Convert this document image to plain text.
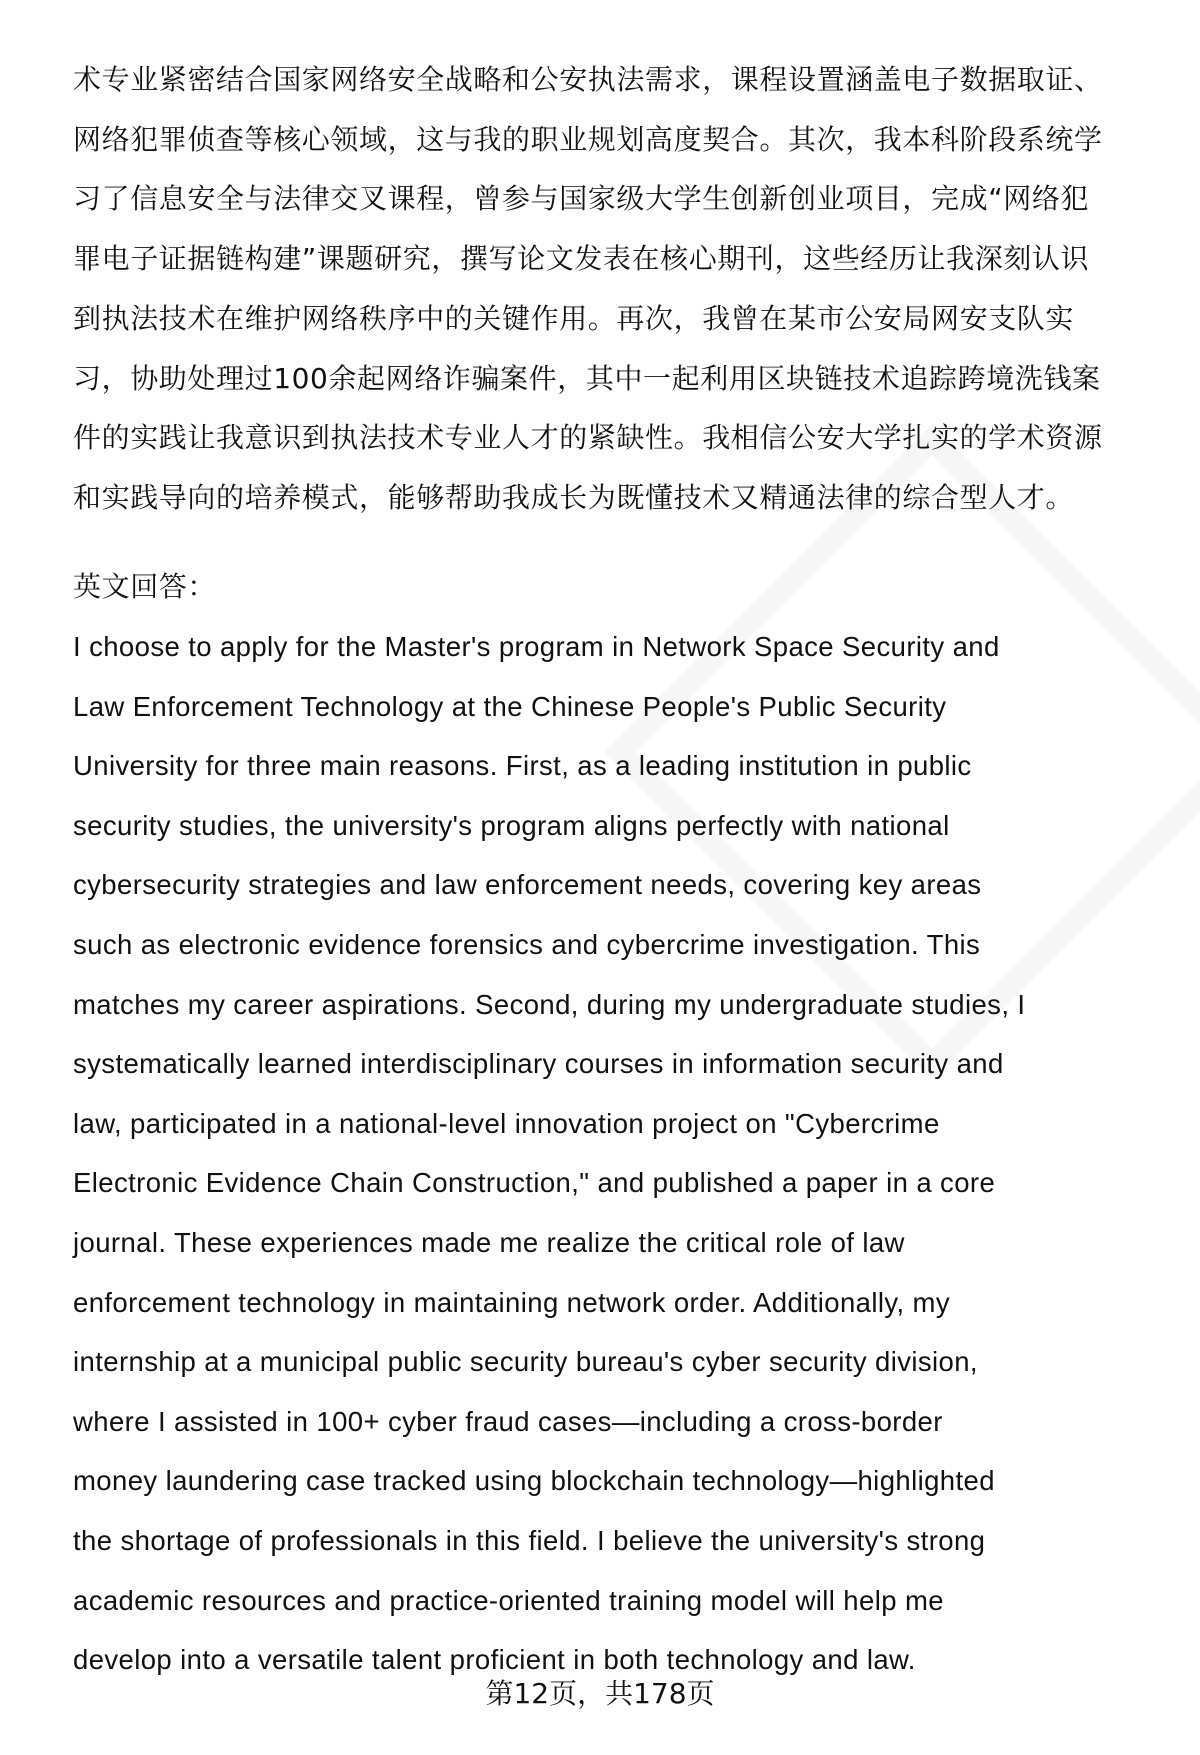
术专业紧密结合国家网络安全战略和公安执法需求，课程设置涵盖电子数据取证、
网络犯罪侦查等核心领域，这与我的职业规划高度契合。其次，我本科阶段系统学
习了信息安全与法律交叉课程，曾参与国家级大学生创新创业项目，完成“网络犯
罪电子证据链构建”课题研究，撰写论文发表在核心期刊，这些经历让我深刻认识
到执法技术在维护网络秩序中的关键作用。再次，我曾在某市公安局网安支队实
习，协助处理过100余起网络诈骗案件，其中一起利用区块链技术追踪跨境洗钱案
件的实践让我意识到执法技术专业人才的紧缺性。我相信公安大学扎实的学术资源
和实践导向的培养模式，能够帮助我成长为既懂技术又精通法律的综合型人才。
英文回答：
I choose to apply for the Master's program in Network Space Security and
Law Enforcement Technology at the Chinese People's Public Security
University for three main reasons. First, as a leading institution in public
security studies, the university's program aligns perfectly with national
cybersecurity strategies and law enforcement needs, covering key areas
such as electronic evidence forensics and cybercrime investigation. This
matches my career aspirations. Second, during my undergraduate studies, I
systematically learned interdisciplinary courses in information security and
law, participated in a national-level innovation project on "Cybercrime
Electronic Evidence Chain Construction," and published a paper in a core
journal. These experiences made me realize the critical role of law
enforcement technology in maintaining network order. Additionally, my
internship at a municipal public security bureau's cyber security division,
where I assisted in 100+ cyber fraud cases—including a cross-border
money laundering case tracked using blockchain technology—highlighted
the shortage of professionals in this field. I believe the university's strong
academic resources and practice-oriented training model will help me
develop into a versatile talent proficient in both technology and law.
第12页，共178页
